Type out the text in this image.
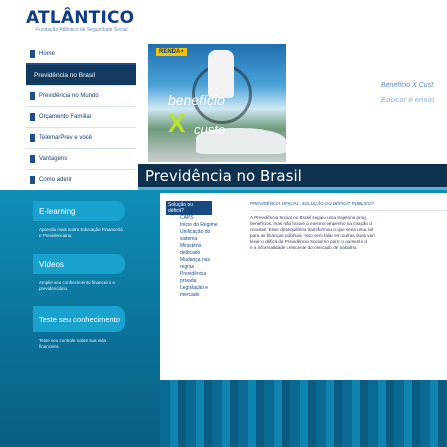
ATLÂNTICO
Fundação Atlântico de Seguridade Social
Home
Previdência no Brasil
Previdência no Mundo
Orçamento Familiar
TelemarPrev e você
Vantagens
Como aderir
RENDA+
benefício
X custo
Benefício X Cust
Educar é ensin
Previdência no Brasil
E-learning
Aprenda mais sobre Educação Financeira e Previdenciária
Vídeos
Amplie seu conhecimento financeiro e previdenciário.
Teste seu conhecimento
Teste seu controle sobre sua vida financeira.
Solução ou déficit?
CAPS
Início do Regime
Unificação do sistema
Ministério dedicado
Mudança nas regras
Previdência privada
Legislação e mercado
PREVIDÊNCIA OFICIAL: SOLUÇÃO OU DÉFICIT PÚBLICO?
A Previdência Social no Brasil seguiu uma trajetória prog
benefícios, mas não houve o mesmo empenho na criação d
receitas. Esse desequilíbrio transformou o que seria uma sol
para as finanças públicas. Isso sem falar em outras duas vari
levar o déficit da Previdência Social no país: o aumento d
e a informalidade crescente do mercado de trabalho.
